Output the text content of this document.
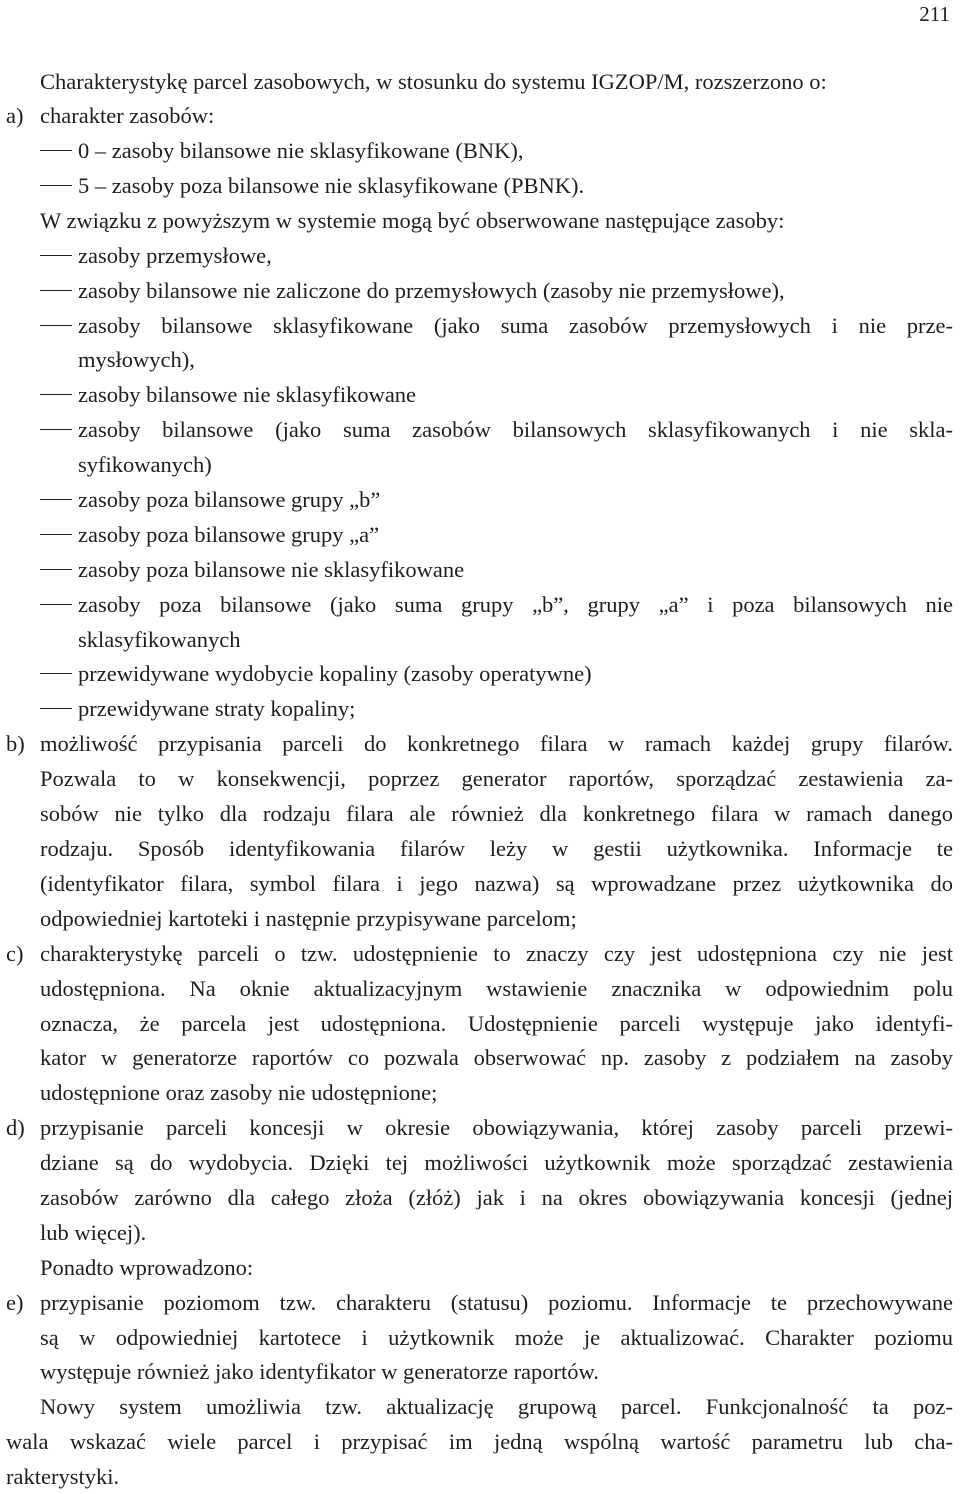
211
Charakterystykę parcel zasobowych, w stosunku do systemu IGZOP/M, rozszerzono o:
a) charakter zasobów:
0 – zasoby bilansowe nie sklasyfikowane (BNK),
5 – zasoby poza bilansowe nie sklasyfikowane (PBNK).
W związku z powyższym w systemie mogą być obserwowane następujące zasoby:
zasoby przemysłowe,
zasoby bilansowe nie zaliczone do przemysłowych (zasoby nie przemysłowe),
zasoby bilansowe sklasyfikowane (jako suma zasobów przemysłowych i nie prze-
mysłowych),
zasoby bilansowe nie sklasyfikowane
zasoby bilansowe (jako suma zasobów bilansowych sklasyfikowanych i nie skla-
syfikowanych)
zasoby poza bilansowe grupy „b”
zasoby poza bilansowe grupy „a”
zasoby poza bilansowe nie sklasyfikowane
zasoby poza bilansowe (jako suma grupy „b”, grupy „a” i poza bilansowych nie
sklasyfikowanych
przewidywane wydobycie kopaliny (zasoby operatywne)
przewidywane straty kopaliny;
b) możliwość przypisania parceli do konkretnego filara w ramach każdej grupy filarów.
Pozwala to w konsekwencji, poprzez generator raportów, sporządzać zestawienia za-
sobów nie tylko dla rodzaju filara ale również dla konkretnego filara w ramach danego
rodzaju. Sposób identyfikowania filarów leży w gestii użytkownika. Informacje te
(identyfikator filara, symbol filara i jego nazwa) są wprowadzane przez użytkownika do
odpowiedniej kartoteki i następnie przypisywane parcelom;
c) charakterystykę parceli o tzw. udostępnienie to znaczy czy jest udostępniona czy nie jest
udostępniona. Na oknie aktualizacyjnym wstawienie znacznika w odpowiednim polu
oznacza, że parcela jest udostępniona. Udostępnienie parceli występuje jako identyfi-
kator w generatorze raportów co pozwala obserwować np. zasoby z podziałem na zasoby
udostępnione oraz zasoby nie udostępnione;
d) przypisanie parceli koncesji w okresie obowiązywania, której zasoby parceli przewi-
dziane są do wydobycia. Dzięki tej możliwości użytkownik może sporządzać zestawienia
zasobów zarówno dla całego złoża (złóż) jak i na okres obowiązywania koncesji (jednej
lub więcej).
Ponadto wprowadzono:
e) przypisanie poziomom tzw. charakteru (statusu) poziomu. Informacje te przechowywane
są w odpowiedniej kartotece i użytkownik może je aktualizować. Charakter poziomu
występuje również jako identyfikator w generatorze raportów.
Nowy system umożliwia tzw. aktualizację grupową parcel. Funkcjonalność ta poz-
wala wskazać wiele parcel i przypisać im jedną wspólną wartość parametru lub cha-
rakterystyki.
